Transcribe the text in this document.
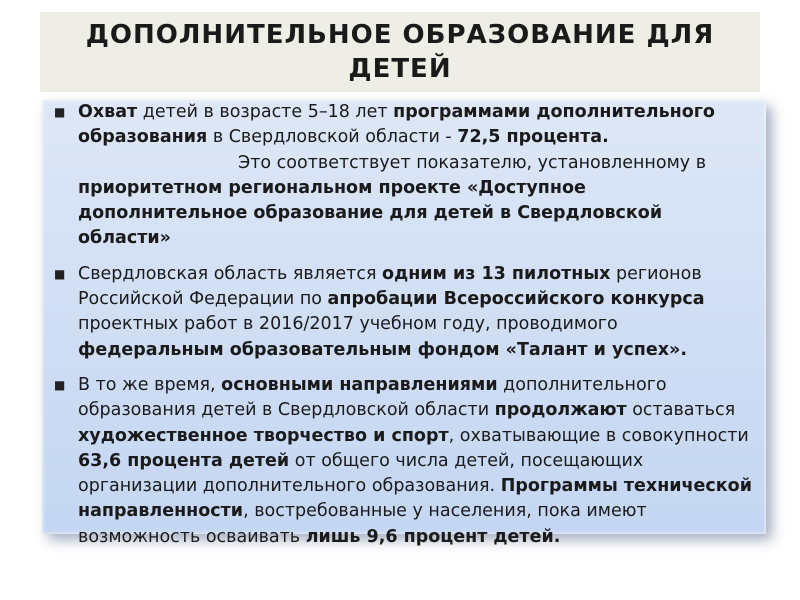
ДОПОЛНИТЕЛЬНОЕ ОБРАЗОВАНИЕ ДЛЯ ДЕТЕЙ
■ Охват детей в возрасте 5–18 лет программами дополнительного образования в Свердловской области - 72,5 процента.Это соответствует показателю, установленному в приоритетном региональном проекте «Доступное дополнительное образование для детей в Свердловской области»
■ Свердловская область является одним из 13 пилотных регионов Российской Федерации по апробации Всероссийского конкурса проектных работ в 2016/2017 учебном году, проводимого федеральным образовательным фондом «Талант и успех».
■ В то же время, основными направлениями дополнительного образования детей в Свердловской области продолжают оставаться художественное творчество и спорт, охватывающие в совокупности 63,6 процента детей от общего числа детей, посещающих организации дополнительного образования. Программы технической направленности, востребованные у населения, пока имеют возможность осваивать лишь 9,6 процент детей.
